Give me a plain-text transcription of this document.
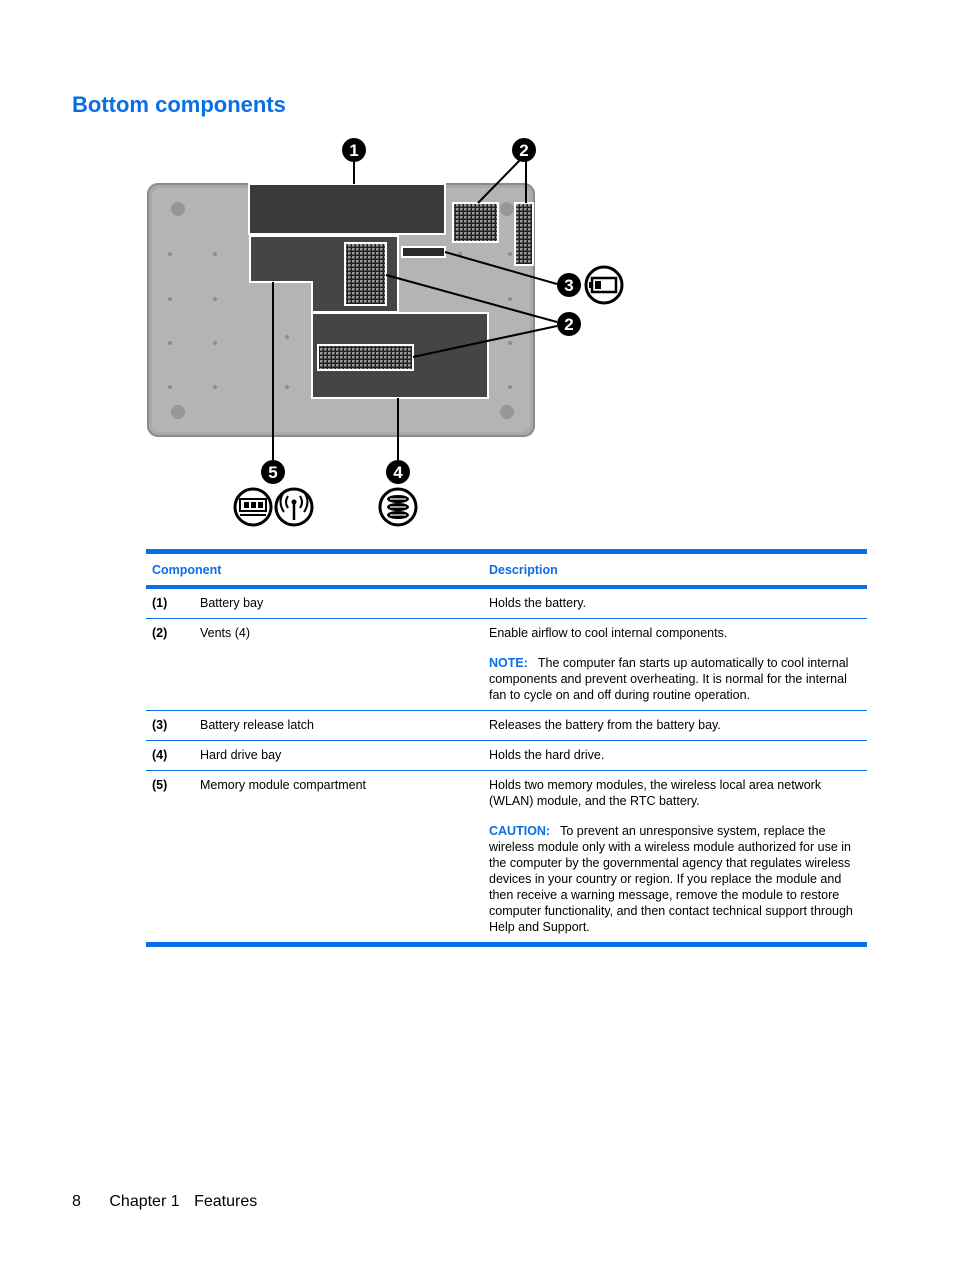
Bottom components
1	2
3
2
5	4
Component	Description
(1)	Battery bay	Holds the battery.
(2)	Vents (4)	Enable airflow to cool internal components.
NOTE: The computer fan starts up automatically to cool internal components and prevent overheating. It is normal for the internal fan to cycle on and off during routine operation.
(3)	Battery release latch	Releases the battery from the battery bay.
(4)	Hard drive bay	Holds the hard drive.
(5)	Memory module compartment	Holds two memory modules, the wireless local area network (WLAN) module, and the RTC battery.
CAUTION: To prevent an unresponsive system, replace the wireless module only with a wireless module authorized for use in the computer by the governmental agency that regulates wireless devices in your country or region. If you replace the module and then receive a warning message, remove the module to restore computer functionality, and then contact technical support through Help and Support.
8 Chapter 1 Features
